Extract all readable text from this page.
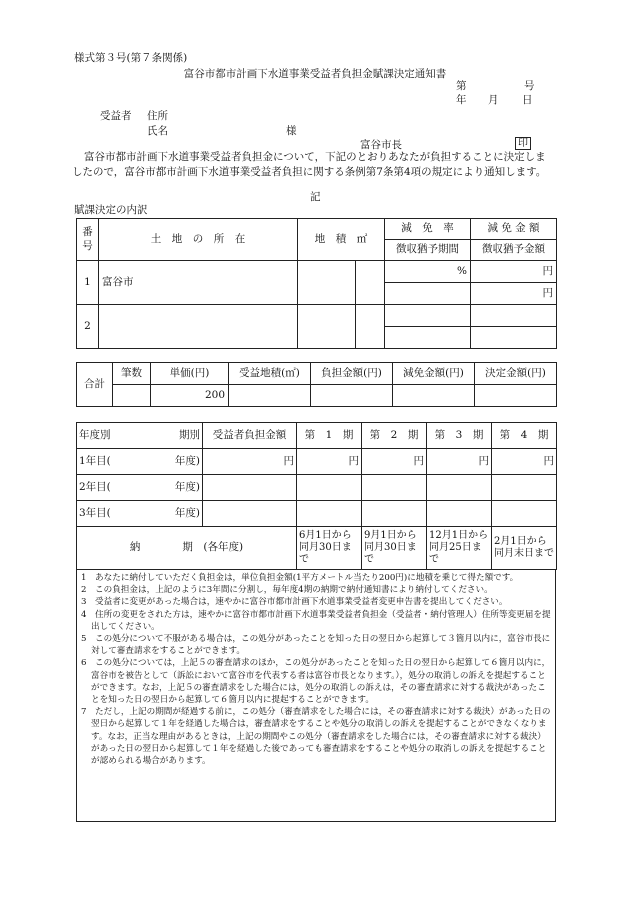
様式第３号(第７条関係)
富谷市都市計画下水道事業受益者負担金賦課決定通知書
第	号
年 月 日
受益者 住所
氏名	様
富谷市長	印
富谷市都市計画下水道事業受益者負担金について，下記のとおりあなたが負担することに決定しましたので，富谷市都市計画下水道事業受益者負担に関する条例第7条第4項の規定により通知します。
記
賦課決定の内訳
番号	土　地　の　所　在	地　積　㎡		減　免　率	減 免 金 額
				徴収猶予期間	徴収猶予金額
1	富谷市			%	円
					円
2					

合計	筆数	単価(円)	受益地積(㎡)	負担金額(円)	減免金額(円)	決定金額(円)
		200				
年度別 期別	受益者負担金額	第　1　期	第　2　期	第　3　期	第　4　期
1年目( 年度)	円	円	円	円	円
2年目( 年度)					

3年目( 年度)					

納　　　　期　(各年度)		6月1日から同月30日まで	9月1日から同月30日まで	12月1日から同月25日まで	2月1日から同月末日まで

1　あなたに納付していただく負担金は，単位負担金額(1平方メートル当たり200円)に地積を乗じて得た額です。

2　この負担金は，上記のように3年間に分割し，毎年度4期の納期で納付通知書により納付してください。

3　受益者に変更があった場合は，速やかに富谷市都市計画下水道事業受益者変更申告書を提出してください。

4　住所の変更をされた方は，速やかに富谷市都市計画下水道事業受益者負担金（受益者・納付管理人）住所等変更届を提出してください。

5　この処分について不服がある場合は，この処分があったことを知った日の翌日から起算して３箇月以内に，富谷市長に対して審査請求をすることができます。

6　この処分については，上記５の審査請求のほか，この処分があったことを知った日の翌日から起算して６箇月以内に，富谷市を被告として（訴訟において富谷市を代表する者は富谷市長となります。），処分の取消しの訴えを提起することができます。なお，上記５の審査請求をした場合には，処分の取消しの訴えは，その審査請求に対する裁決があったことを知った日の翌日から起算して６箇月以内に提起することができます。

7　ただし，上記の期間が経過する前に，この処分（審査請求をした場合には，その審査請求に対する裁決）があった日の翌日から起算して１年を経過した場合は，審査請求をすることや処分の取消しの訴えを提起することができなくなります。なお，正当な理由があるときは，上記の期間やこの処分（審査請求をした場合には，その審査請求に対する裁決）があった日の翌日から起算して１年を経過した後であっても審査請求をすることや処分の取消しの訴えを提起することが認められる場合があります。
